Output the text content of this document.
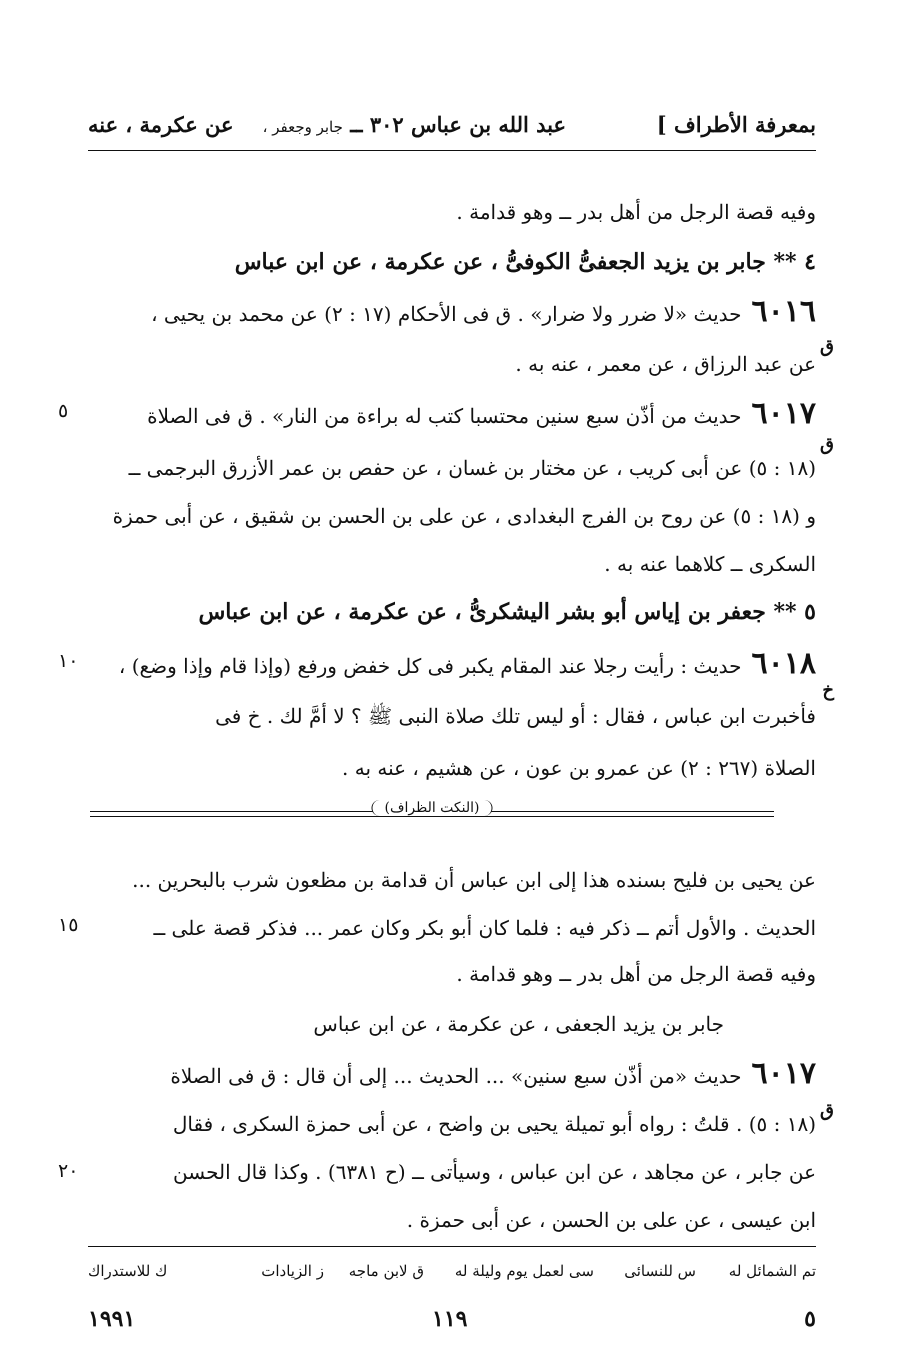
بمعرفة الأطراف ]
عبد الله بن عباس ٣٠٢ ــ جابر وجعفر ،
عن عكرمة ، عنه
وفيه قصة الرجل من أهل بدر ــ وهو قدامة .
٤ ** جابر بن يزيد الجعفىُّ الكوفىُّ ، عن عكرمة ، عن ابن عباس
٦٠١٦حديث «لا ضرر ولا ضرار» . ق فى الأحكام (١٧ : ٢) عن محمد بن يحيى ،
ق
عن عبد الرزاق ، عن معمر ، عنه به .
٦٠١٧حديث من أذّن سبع سنين محتسبا كتب له براءة من النار» . ق فى الصلاة
٥
ق
(١٨ : ٥) عن أبى كريب ، عن مختار بن غسان ، عن حفص بن عمر الأزرق البرجمى ــ
و (١٨ : ٥) عن روح بن الفرج البغدادى ، عن على بن الحسن بن شقيق ، عن أبى حمزة
السكرى ــ كلاهما عنه به .
٥ ** جعفر بن إياس أبو بشر اليشكرىُّ ، عن عكرمة ، عن ابن عباس
٦٠١٨حديث : رأيت رجلا عند المقام يكبر فى كل خفض ورفع (وإذا قام وإذا وضع) ،
١٠
خ
فأخبرت ابن عباس ، فقال : أو ليس تلك صلاة النبى ﷺ ؟ لا أمَّ لك . خ فى
الصلاة (٢٦٧ : ٢) عن عمرو بن عون ، عن هشيم ، عنه به .
(النكت الظراف)
عن يحيى بن فليح بسنده هذا إلى ابن عباس أن قدامة بن مظعون شرب بالبحرين ...
الحديث . والأول أتم ــ ذكر فيه : فلما كان أبو بكر وكان عمر ... فذكر قصة على ــ
١٥
وفيه قصة الرجل من أهل بدر ــ وهو قدامة .
جابر بن يزيد الجعفى ، عن عكرمة ، عن ابن عباس
٦٠١٧حديث «من أذّن سبع سنين» ... الحديث ... إلى أن قال : ق فى الصلاة
ق
(١٨ : ٥) . قلتُ : رواه أبو تميلة يحيى بن واضح ، عن أبى حمزة السكرى ، فقال
عن جابر ، عن مجاهد ، عن ابن عباس ، وسيأتى ــ (ح ٦٣٨١) . وكذا قال الحسن
٢٠
ابن عيسى ، عن على بن الحسن ، عن أبى حمزة .
تم الشمائل له
س للنسائى
سى لعمل يوم وليلة له
ق لابن ماجه
ز الزيادات
ك للاستدراك
٥
١١٩
١٩٩١
